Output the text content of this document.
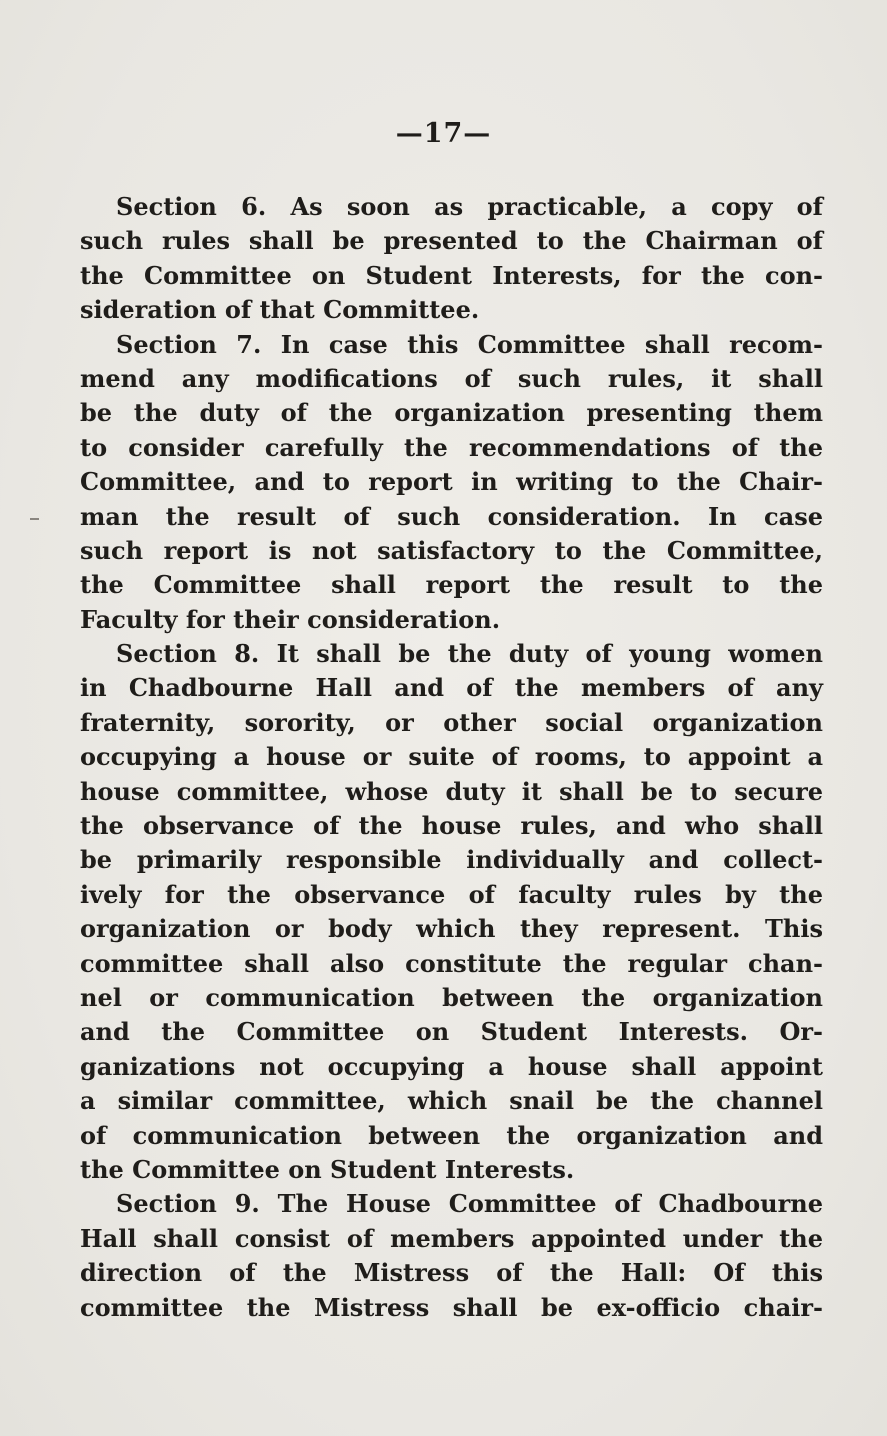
—17—
Section 6. As soon as practicable, a copy of
such rules shall be presented to the Chairman of
the Committee on Student Interests, for the con-
sideration of that Committee.
Section 7. In case this Committee shall recom-
mend any modifications of such rules, it shall
be the duty of the organization presenting them
to consider carefully the recommendations of the
Committee, and to report in writing to the Chair-
man the result of such consideration. In case
such report is not satisfactory to the Committee,
the Committee shall report the result to the
Faculty for their consideration.
Section 8. It shall be the duty of young women
in Chadbourne Hall and of the members of any
fraternity, sorority, or other social organization
occupying a house or suite of rooms, to appoint a
house committee, whose duty it shall be to secure
the observance of the house rules, and who shall
be primarily responsible individually and collect-
ively for the observance of faculty rules by the
organization or body which they represent. This
committee shall also constitute the regular chan-
nel or communication between the organization
and the Committee on Student Interests. Or-
ganizations not occupying a house shall appoint
a similar committee, which snail be the channel
of communication between the organization and
the Committee on Student Interests.
Section 9. The House Committee of Chadbourne
Hall shall consist of members appointed under the
direction of the Mistress of the Hall: Of this
committee the Mistress shall be ex-officio chair-
